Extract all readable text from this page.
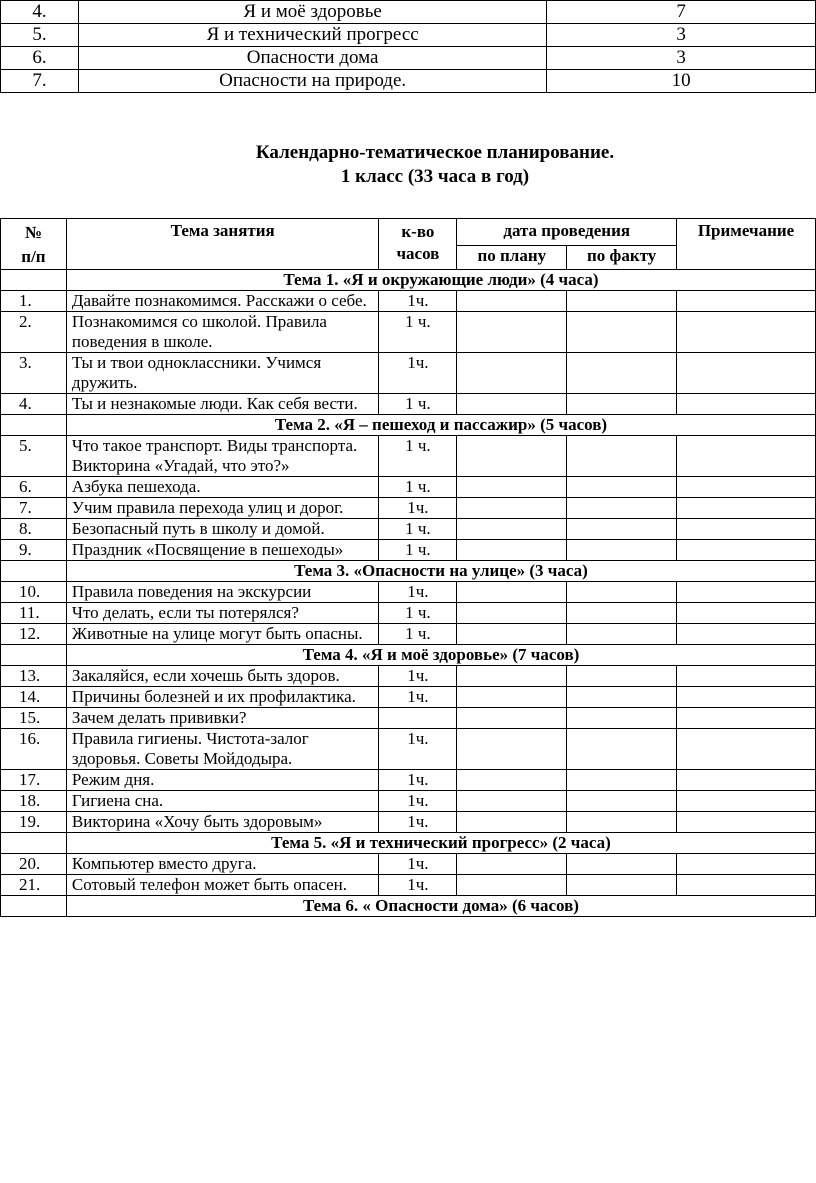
4.	Я и моё здоровье	7
5.	Я и технический прогресс	3
6.	Опасности дома	3
7.	Опасности на природе.	10
Календарно-тематическое планирование.
1 класс (33 часа в год)
№ п/п	Тема занятия	к-во часов	дата проведения		Примечание
			по плану	по факту	
	Тема 1. «Я и окружающие люди» (4 часа)				
1.	Давайте познакомимся. Расскажи о себе.	1ч.			
2.	Познакомимся со школой. Правила поведения в школе.	1 ч.			
3.	Ты и твои одноклассники. Учимся дружить.	1ч.			
4.	Ты и незнакомые люди. Как себя вести.	1 ч.			
	Тема 2. «Я – пешеход и пассажир» (5 часов)				
5.	Что такое транспорт. Виды транспорта. Викторина «Угадай, что это?»	1 ч.			
6.	Азбука пешехода.	1 ч.			
7.	Учим правила перехода улиц и дорог.	1ч.			
8.	Безопасный путь в школу и домой.	1 ч.			
9.	Праздник «Посвящение в пешеходы»	1 ч.			
	Тема 3. «Опасности на улице» (3 часа)				
10.	Правила поведения на экскурсии	1ч.			
11.	Что делать, если ты потерялся?	1 ч.			
12.	Животные на улице могут быть опасны.	1 ч.			
	Тема 4. «Я и моё здоровье» (7 часов)				
13.	Закаляйся, если хочешь быть здоров.	1ч.			
14.	Причины болезней и их профилактика.	1ч.			
15.	Зачем делать прививки?				
16.	Правила гигиены. Чистота-залог здоровья. Советы Мойдодыра.	1ч.			
17.	Режим дня.	1ч.			
18.	Гигиена сна.	1ч.			
19.	Викторина «Хочу быть здоровым»	1ч.			
	Тема 5. «Я и технический прогресс» (2 часа)				
20.	Компьютер вместо друга.	1ч.			
21.	Сотовый телефон может быть опасен.	1ч.			
	Тема 6. « Опасности дома» (6 часов)				
